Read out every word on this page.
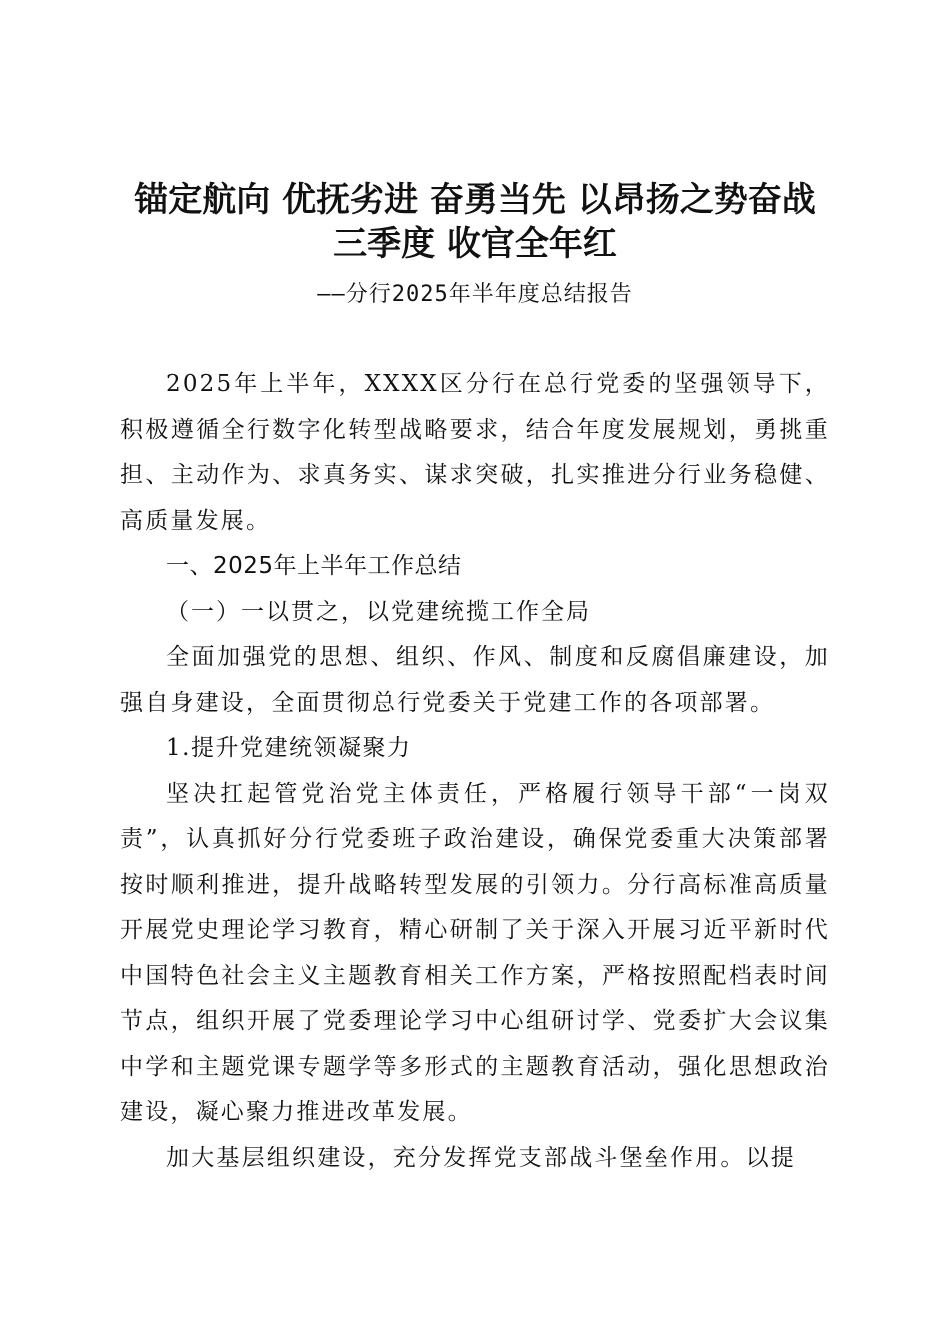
锚定航向 优抚劣进 奋勇当先 以昂扬之势奋战
三季度 收官全年红
——分行2025年半年度总结报告

2025年上半年，XXXX区分行在总行党委的坚强领导下，积极遵循全行数字化转型战略要求，结合年度发展规划，勇挑重担、主动作为、求真务实、谋求突破，扎实推进分行业务稳健、高质量发展。

一、2025年上半年工作总结

（一）一以贯之，以党建统揽工作全局

全面加强党的思想、组织、作风、制度和反腐倡廉建设，加强自身建设，全面贯彻总行党委关于党建工作的各项部署。

1.提升党建统领凝聚力

坚决扛起管党治党主体责任，严格履行领导干部“一岗双责”，认真抓好分行党委班子政治建设，确保党委重大决策部署按时顺利推进，提升战略转型发展的引领力。分行高标准高质量开展党史理论学习教育，精心研制了关于深入开展习近平新时代中国特色社会主义主题教育相关工作方案，严格按照配档表时间节点，组织开展了党委理论学习中心组研讨学、党委扩大会议集中学和主题党课专题学等多形式的主题教育活动，强化思想政治建设，凝心聚力推进改革发展。

加大基层组织建设，充分发挥党支部战斗堡垒作用。以提
